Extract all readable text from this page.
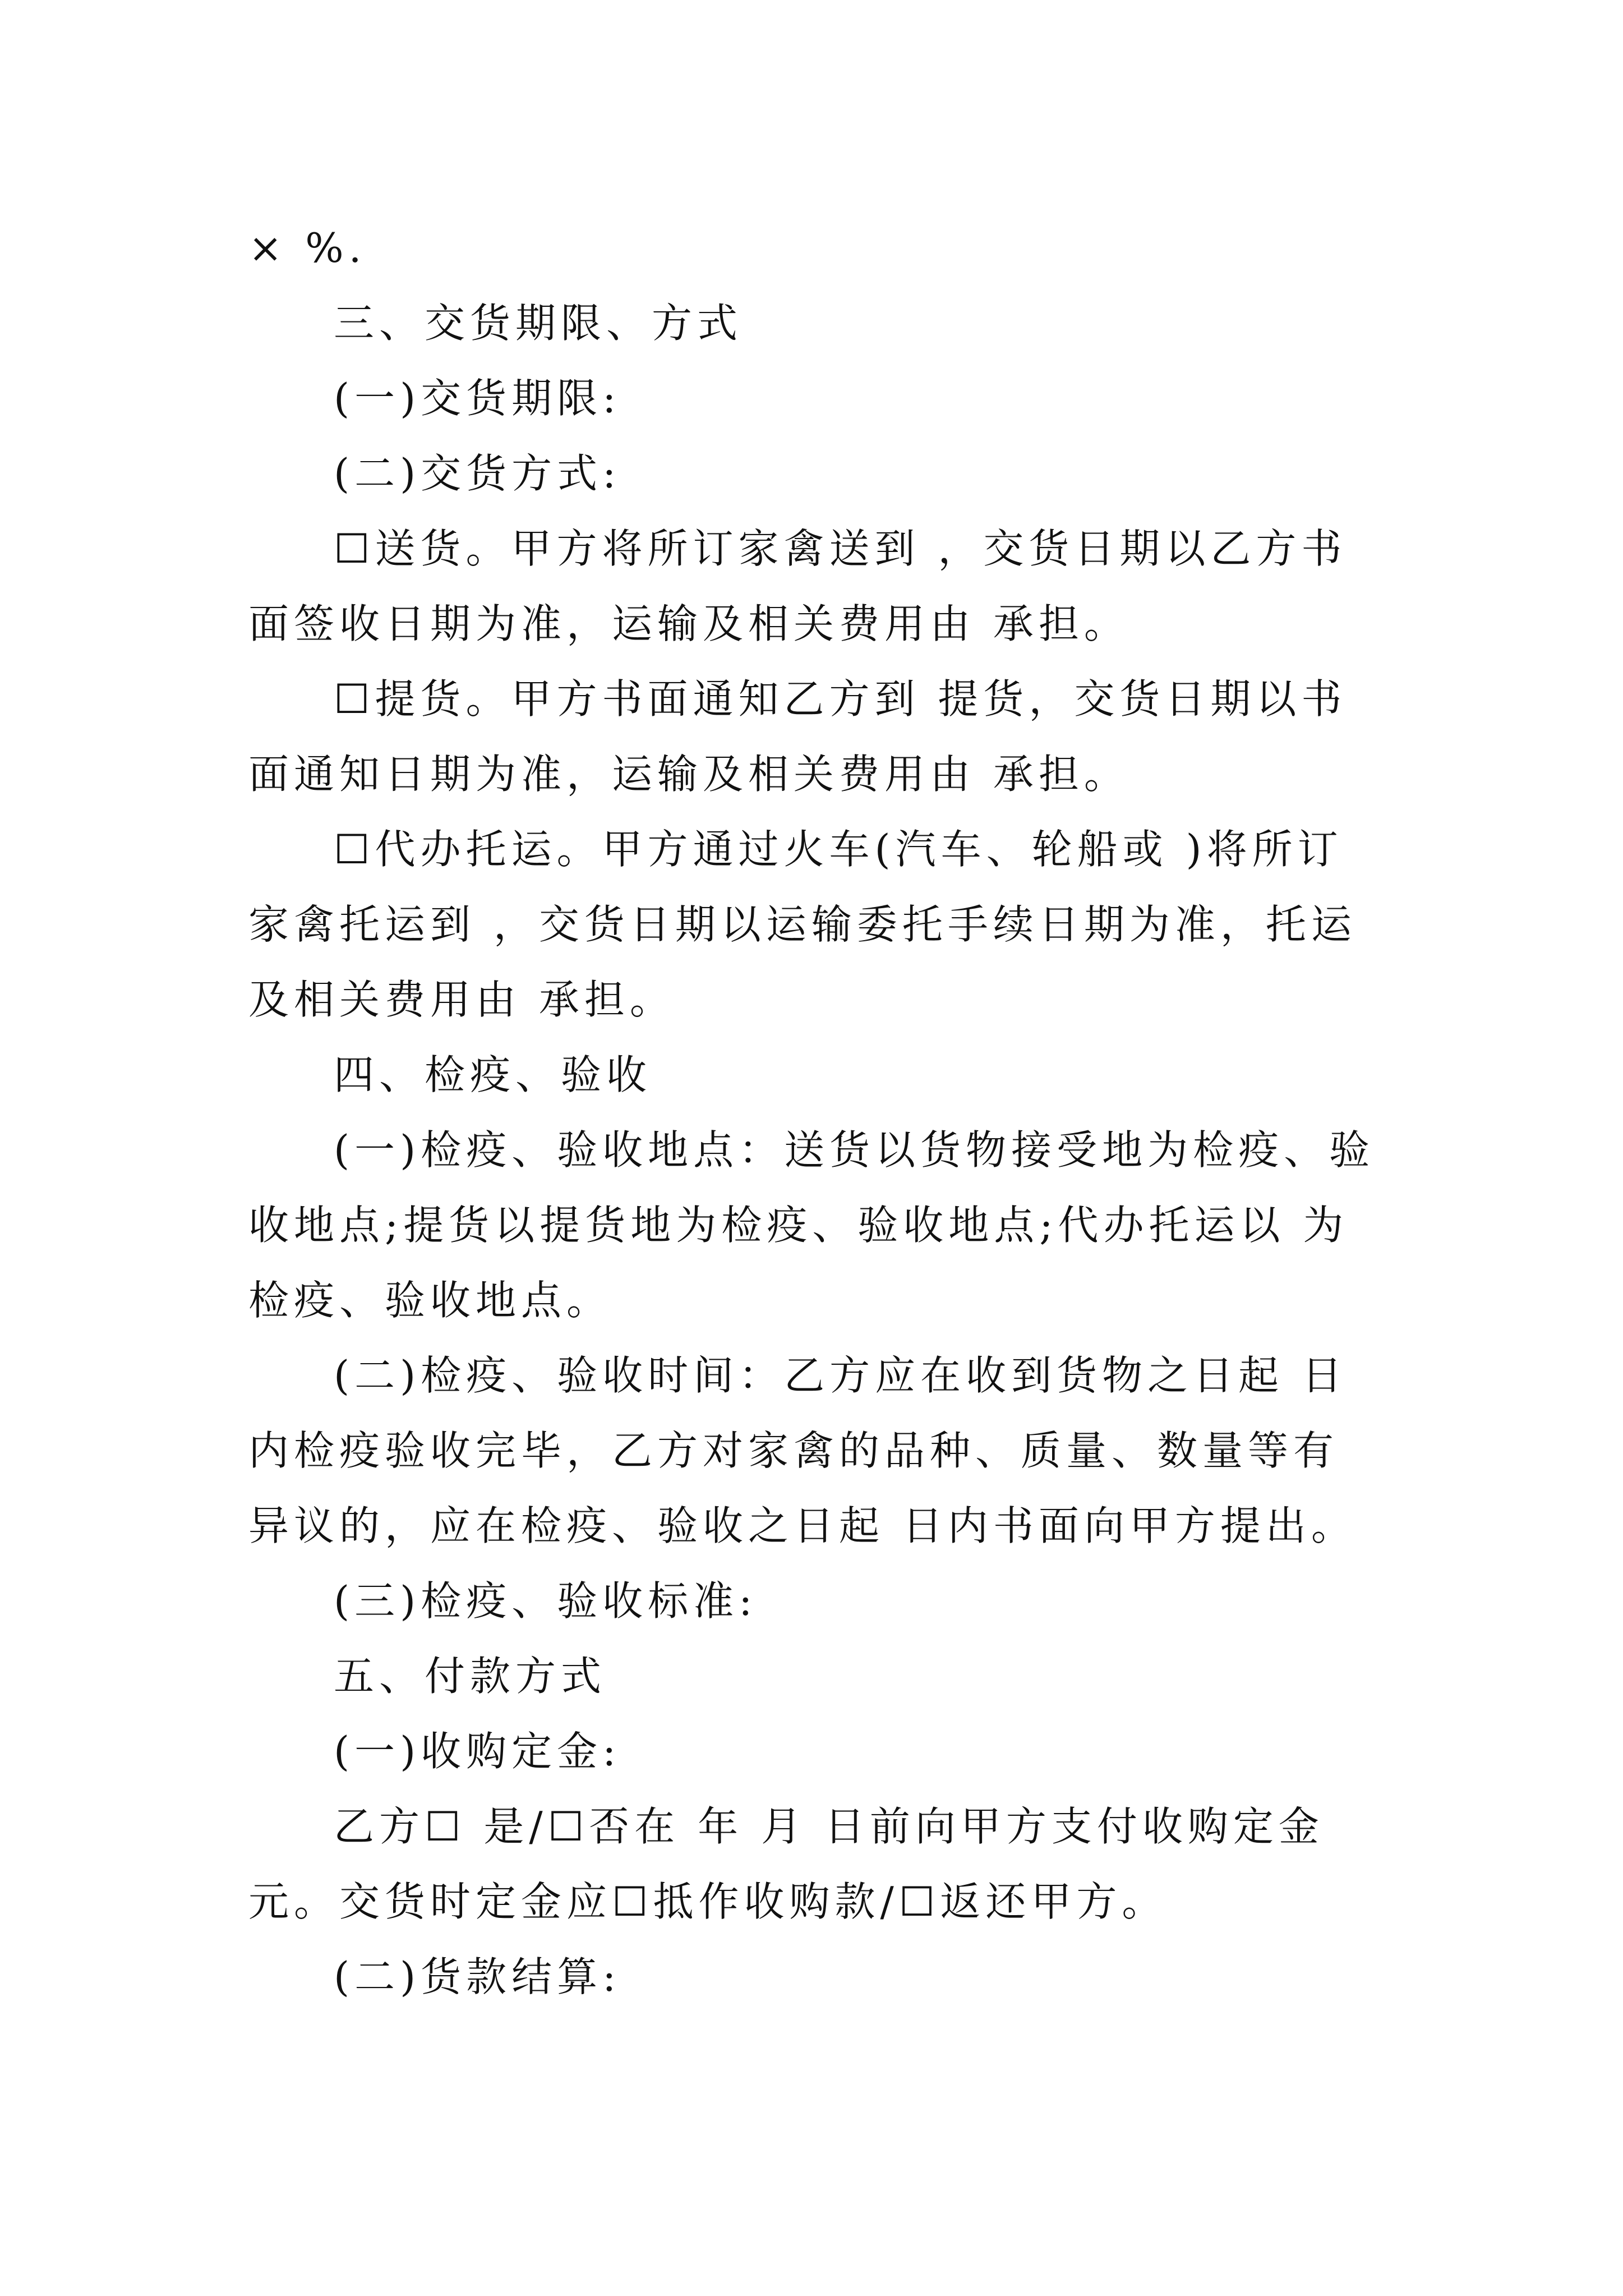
× %.

三、交货期限、方式

(一)交货期限:

(二)交货方式:

☐送货。甲方将所订家禽送到 ，交货日期以乙方书面签收日期为准，运输及相关费用由 承担。

☐提货。甲方书面通知乙方到 提货，交货日期以书面通知日期为准，运输及相关费用由 承担。

☐代办托运。甲方通过火车(汽车、轮船或 )将所订家禽托运到 ，交货日期以运输委托手续日期为准，托运及相关费用由 承担。

四、检疫、验收

(一)检疫、验收地点：送货以货物接受地为检疫、验收地点;提货以提货地为检疫、验收地点;代办托运以 为检疫、验收地点。

(二)检疫、验收时间：乙方应在收到货物之日起 日内检疫验收完毕，乙方对家禽的品种、质量、数量等有异议的，应在检疫、验收之日起 日内书面向甲方提出。

(三)检疫、验收标准:

五、付款方式

(一)收购定金:

乙方☐ 是/☐否在 年 月 日前向甲方支付收购定金 元。交货时定金应☐抵作收购款/☐返还甲方。

(二)货款结算:
